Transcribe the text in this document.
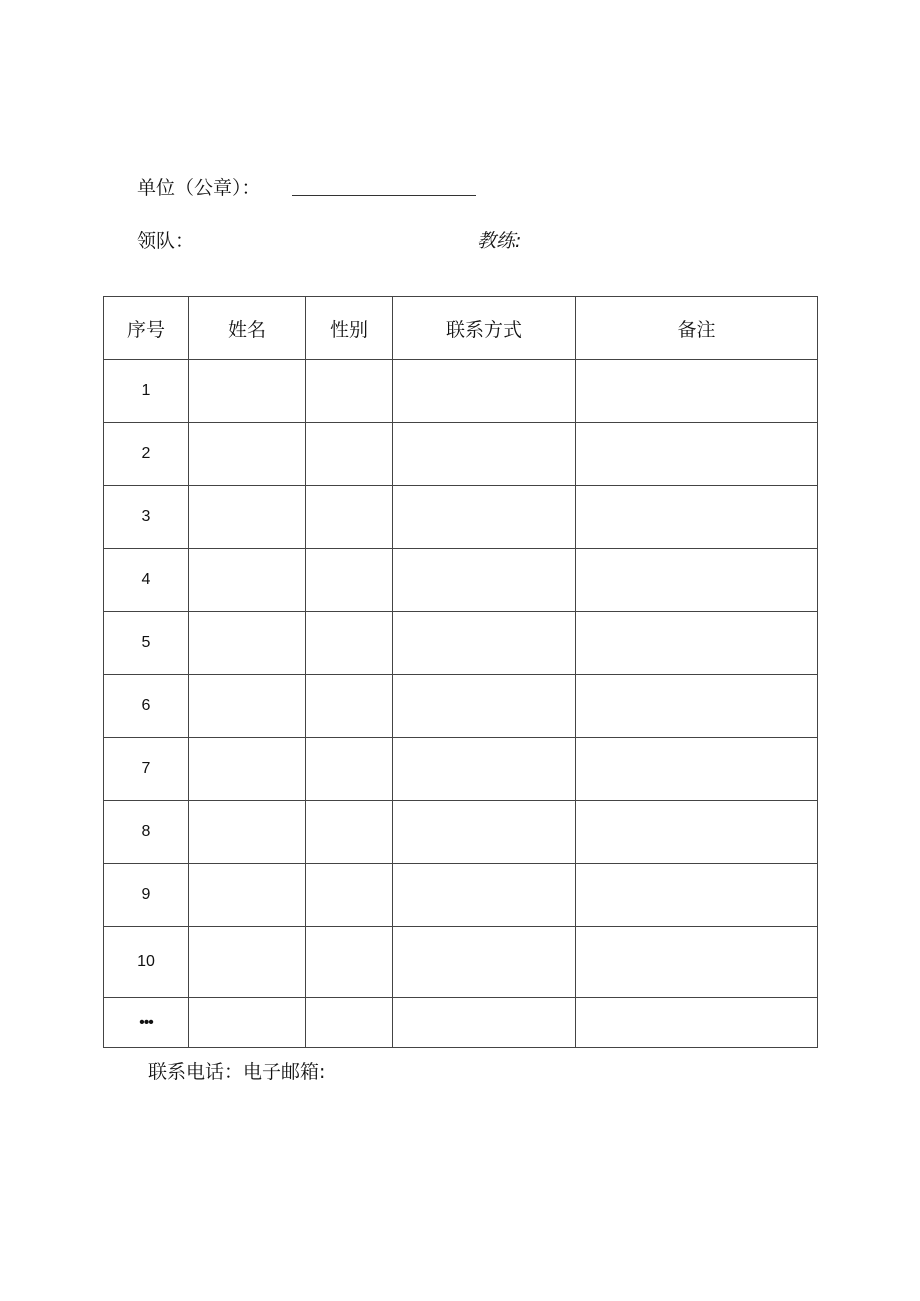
单位（公章）：
领队：	教练:
序号	姓名	性别	联系方式	备注
1				
2				
3				
4				
5				
6				
7				
8				
9				
10				
•••				
联系电话：电子邮箱:
